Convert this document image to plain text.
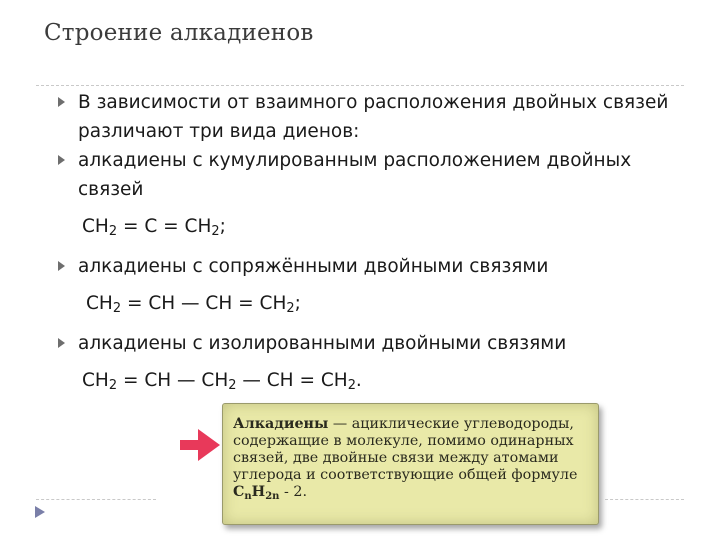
Строение алкадиенов
В зависимости от взаимного расположения двойных связей различают три вида диенов:
алкадиены с кумулированным расположением двойных связей
$CH_2 = C = CH_2$;
алкадиены с сопряжёнными двойными связями
$CH_2$ = CH — CH = $CH_2$;
алкадиены с изолированными двойными связями
$CH_2$ = CH — $CH_2$ — CH = $CH_2$.
Алкадиены — ациклические углеводороды, содержащие в молекуле, помимо одинарных связей, две двойные связи между атомами углерода и соответствующие общей формуле $C_nH_{2n} - 2$.
